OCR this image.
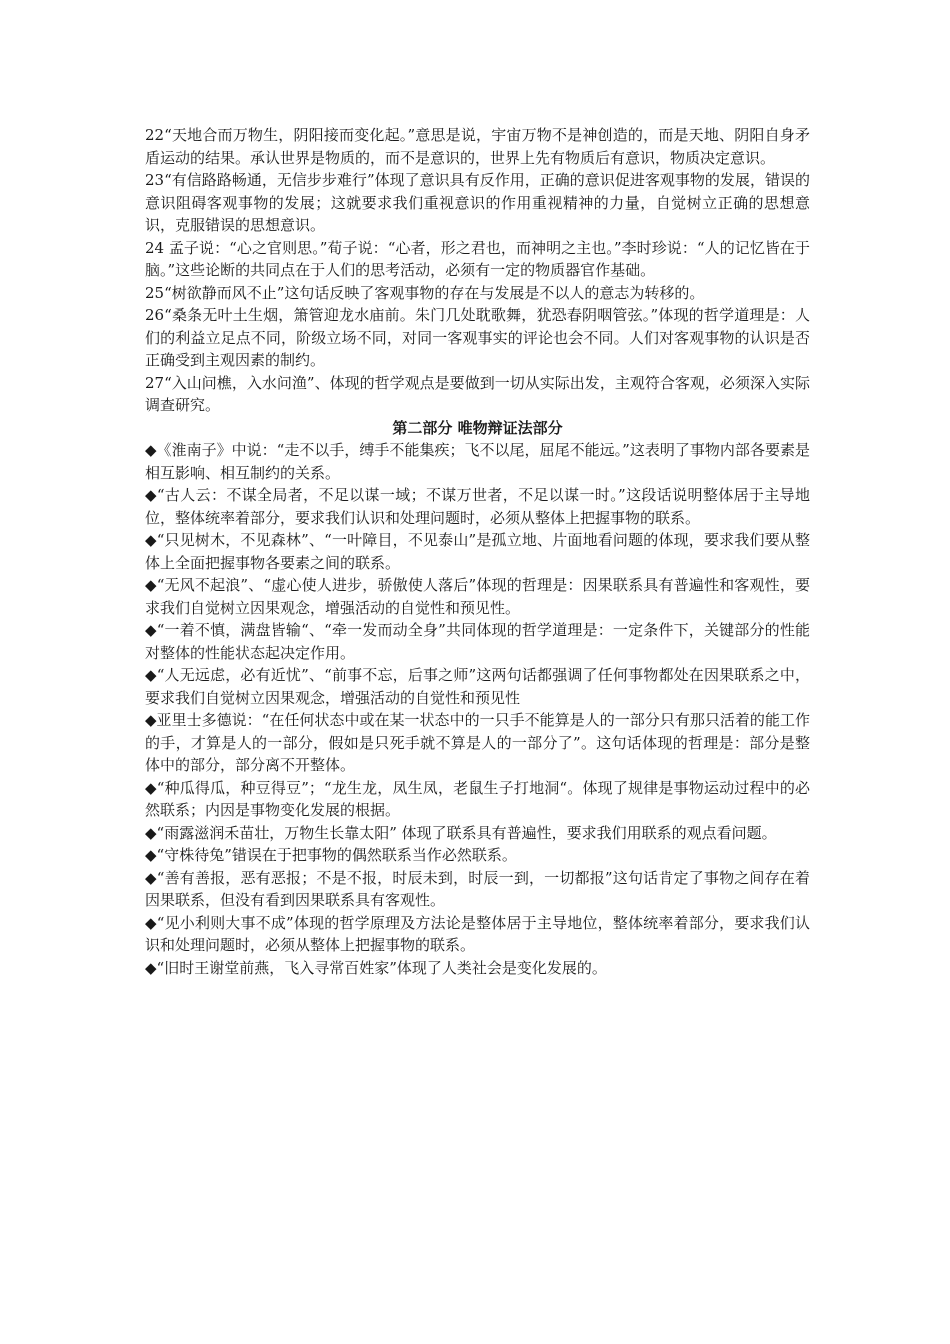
22“天地合而万物生，阴阳接而变化起。”意思是说，宇宙万物不是神创造的，而是天地、阴阳自身矛盾运动的结果。承认世界是物质的，而不是意识的，世界上先有物质后有意识，物质决定意识。

23“有信路路畅通，无信步步难行”体现了意识具有反作用，正确的意识促进客观事物的发展，错误的意识阻碍客观事物的发展；这就要求我们重视意识的作用重视精神的力量，自觉树立正确的思想意识，克服错误的思想意识。

24 孟子说：“心之官则思。”荀子说：“心者，形之君也，而神明之主也。”李时珍说：“人的记忆皆在于脑。”这些论断的共同点在于人们的思考活动，必须有一定的物质器官作基础。

25“树欲静而风不止”这句话反映了客观事物的存在与发展是不以人的意志为转移的。

26“桑条无叶土生烟，箫管迎龙水庙前。朱门几处耽歌舞，犹恐春阴咽管弦。”体现的哲学道理是：人们的利益立足点不同，阶级立场不同，对同一客观事实的评论也会不同。人们对客观事物的认识是否正确受到主观因素的制约。

27“入山问樵，入水问渔”、体现的哲学观点是要做到一切从实际出发，主观符合客观，必须深入实际调查研究。

第二部分 唯物辩证法部分

◆《淮南子》中说：“走不以手，缚手不能集疾；飞不以尾，屈尾不能远。”这表明了事物内部各要素是相互影响、相互制约的关系。

◆“古人云：不谋全局者，不足以谋一域；不谋万世者，不足以谋一时。”这段话说明整体居于主导地位，整体统率着部分，要求我们认识和处理问题时，必须从整体上把握事物的联系。

◆“只见树木，不见森林”、“一叶障目，不见泰山”是孤立地、片面地看问题的体现，要求我们要从整体上全面把握事物各要素之间的联系。

◆“无风不起浪”、“虚心使人进步，骄傲使人落后”体现的哲理是：因果联系具有普遍性和客观性，要求我们自觉树立因果观念，增强活动的自觉性和预见性。

◆“一着不慎，满盘皆输“、“牵一发而动全身”共同体现的哲学道理是：一定条件下，关键部分的性能对整体的性能状态起决定作用。

◆“人无远虑，必有近忧”、“前事不忘，后事之师”这两句话都强调了任何事物都处在因果联系之中，要求我们自觉树立因果观念，增强活动的自觉性和预见性

◆亚里士多德说：“在任何状态中或在某一状态中的一只手不能算是人的一部分只有那只活着的能工作的手，才算是人的一部分，假如是只死手就不算是人的一部分了”。这句话体现的哲理是：部分是整体中的部分，部分离不开整体。

◆“种瓜得瓜，种豆得豆”；“龙生龙，凤生凤，老鼠生子打地洞“。体现了规律是事物运动过程中的必然联系；内因是事物变化发展的根据。

◆“雨露滋润禾苗壮，万物生长靠太阳” 体现了联系具有普遍性，要求我们用联系的观点看问题。

◆“守株待兔”错误在于把事物的偶然联系当作必然联系。

◆“善有善报，恶有恶报；不是不报，时辰未到，时辰一到，一切都报”这句话肯定了事物之间存在着因果联系，但没有看到因果联系具有客观性。

◆“见小利则大事不成”体现的哲学原理及方法论是整体居于主导地位，整体统率着部分，要求我们认识和处理问题时，必须从整体上把握事物的联系。

◆“旧时王谢堂前燕，飞入寻常百姓家”体现了人类社会是变化发展的。
